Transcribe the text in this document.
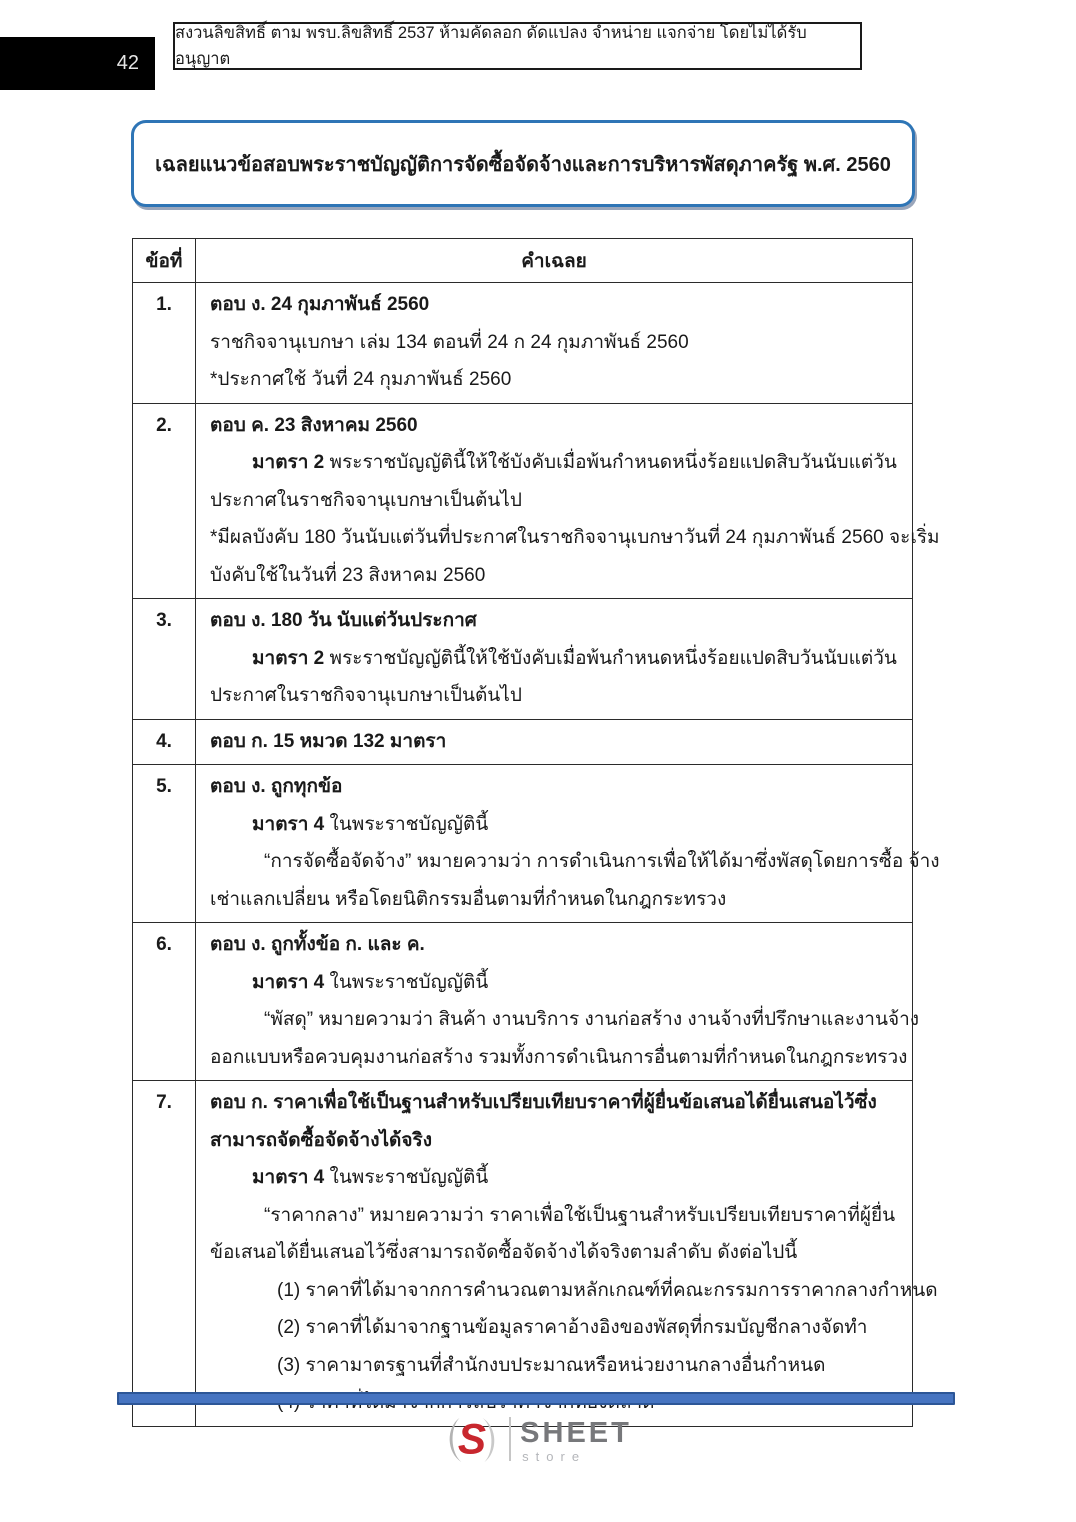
42
สงวนลิขสิทธิ์ ตาม พรบ.ลิขสิทธิ์ 2537 ห้ามคัดลอก ดัดแปลง จำหน่าย แจกจ่าย โดยไม่ได้รับอนุญาต
เฉลยแนวข้อสอบพระราชบัญญัติการจัดซื้อจัดจ้างและการบริหารพัสดุภาครัฐ พ.ศ. 2560
ข้อที่	คำเฉลย
1.	ตอบ ง. 24 กุมภาพันธ์ 2560
ราชกิจจานุเบกษา เล่ม 134 ตอนที่ 24 ก 24 กุมภาพันธ์ 2560
*ประกาศใช้ วันที่ 24 กุมภาพันธ์ 2560

2.	ตอบ ค. 23 สิงหาคม 2560
มาตรา 2 พระราชบัญญัตินี้ให้ใช้บังคับเมื่อพ้นกำหนดหนึ่งร้อยแปดสิบวันนับแต่วัน
ประกาศในราชกิจจานุเบกษาเป็นต้นไป
*มีผลบังคับ 180 วันนับแต่วันที่ประกาศในราชกิจจานุเบกษาวันที่ 24 กุมภาพันธ์ 2560 จะเริ่ม
บังคับใช้ในวันที่ 23 สิงหาคม 2560

3.	ตอบ ง. 180 วัน นับแต่วันประกาศ
มาตรา 2 พระราชบัญญัตินี้ให้ใช้บังคับเมื่อพ้นกำหนดหนึ่งร้อยแปดสิบวันนับแต่วัน
ประกาศในราชกิจจานุเบกษาเป็นต้นไป

4.	ตอบ ก. 15 หมวด 132 มาตรา

5.	ตอบ ง. ถูกทุกข้อ
มาตรา 4 ในพระราชบัญญัตินี้
“การจัดซื้อจัดจ้าง” หมายความว่า การดำเนินการเพื่อให้ได้มาซึ่งพัสดุโดยการซื้อ จ้าง
เช่าแลกเปลี่ยน หรือโดยนิติกรรมอื่นตามที่กำหนดในกฎกระทรวง

6.	ตอบ ง. ถูกทั้งข้อ ก. และ ค.
มาตรา 4 ในพระราชบัญญัตินี้
“พัสดุ” หมายความว่า สินค้า งานบริการ งานก่อสร้าง งานจ้างที่ปรึกษาและงานจ้าง
ออกแบบหรือควบคุมงานก่อสร้าง รวมทั้งการดำเนินการอื่นตามที่กำหนดในกฎกระทรวง

7.	ตอบ ก. ราคาเพื่อใช้เป็นฐานสำหรับเปรียบเทียบราคาที่ผู้ยื่นข้อเสนอได้ยื่นเสนอไว้ซึ่ง
สามารถจัดซื้อจัดจ้างได้จริง
มาตรา 4 ในพระราชบัญญัตินี้
“ราคากลาง” หมายความว่า ราคาเพื่อใช้เป็นฐานสำหรับเปรียบเทียบราคาที่ผู้ยื่น
ข้อเสนอได้ยื่นเสนอไว้ซึ่งสามารถจัดซื้อจัดจ้างได้จริงตามลำดับ ดังต่อไปนี้
(1) ราคาที่ได้มาจากการคำนวณตามหลักเกณฑ์ที่คณะกรรมการราคากลางกำหนด
(2) ราคาที่ได้มาจากฐานข้อมูลราคาอ้างอิงของพัสดุที่กรมบัญชีกลางจัดทำ
(3) ราคามาตรฐานที่สำนักงบประมาณหรือหน่วยงานกลางอื่นกำหนด
S SHEET
store
